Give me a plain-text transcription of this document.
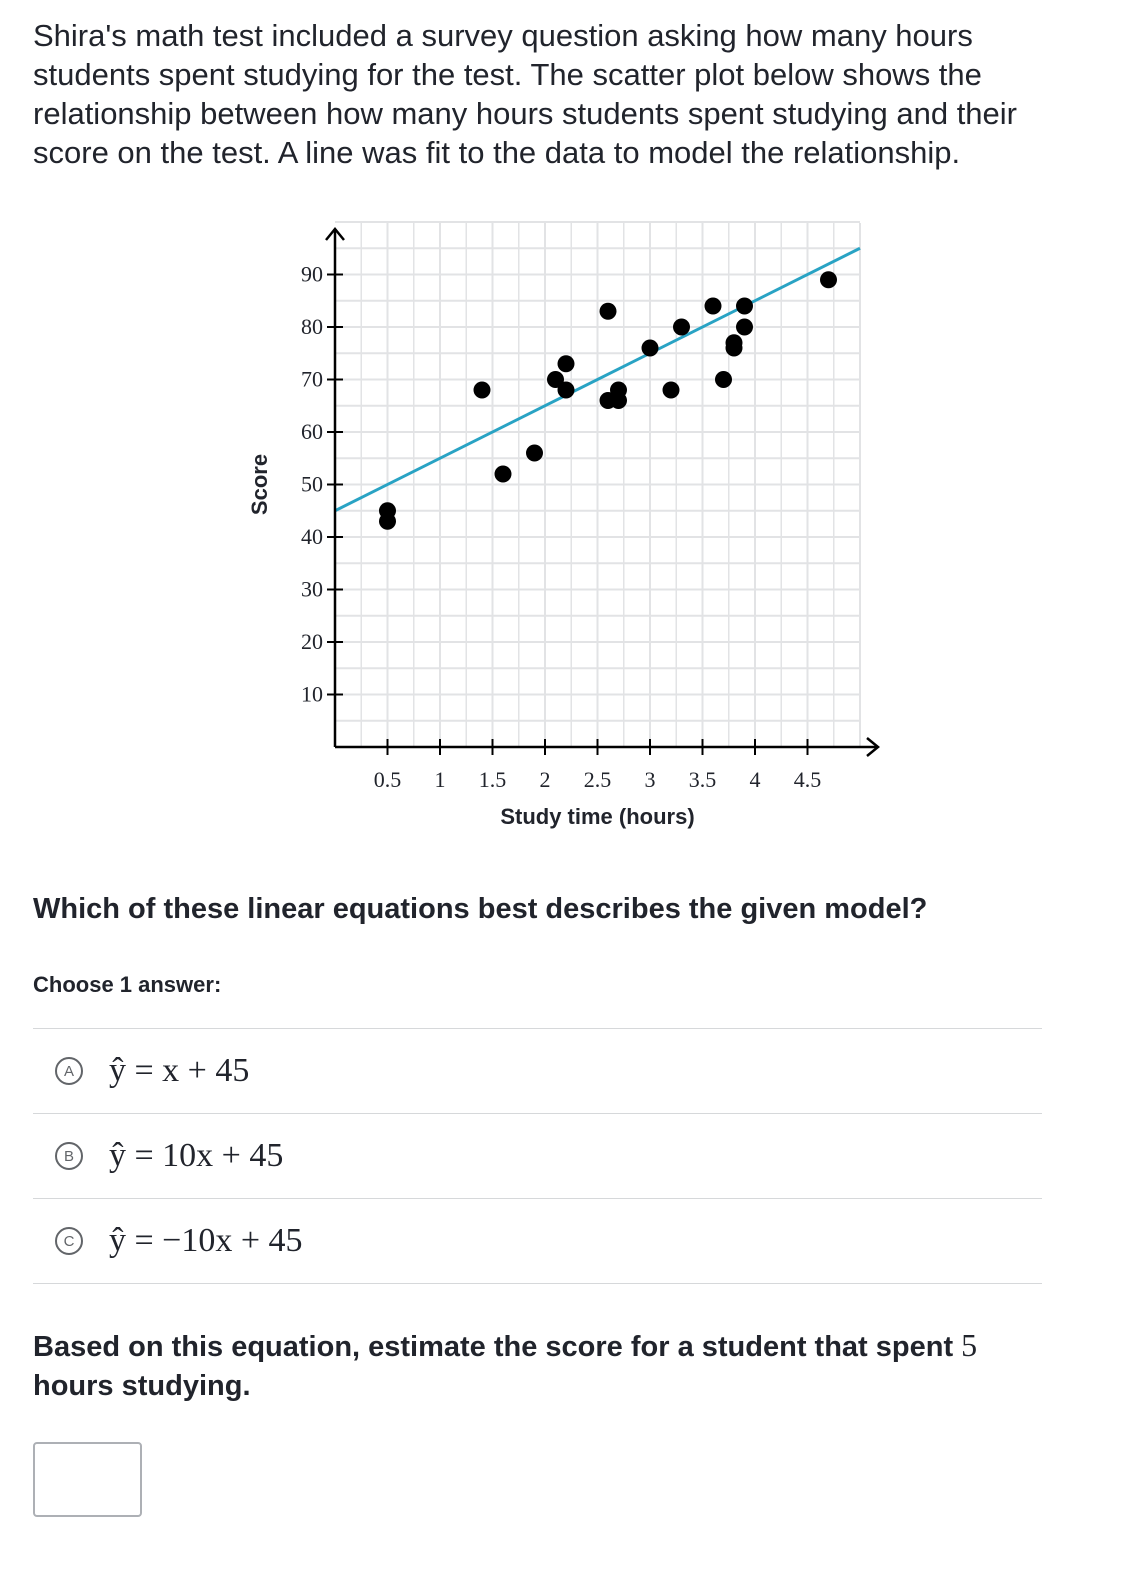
Shira's math test included a survey question asking how many hours students spent studying for the test. The scatter plot below shows the relationship between how many hours students spent studying and their score on the test. A line was fit to the data to model the relationship.

10
20
30
40
50
60
70
80
90
0.5 1 1.5 2 2.5 3 3.5 4 4.5
Score
Study time (hours)

Which of these linear equations best describes the given model?

Choose 1 answer:

A ŷ = x + 45
B ŷ = 10x + 45
C ŷ = −10x + 45

Based on this equation, estimate the score for a student that spent 5 hours studying.
